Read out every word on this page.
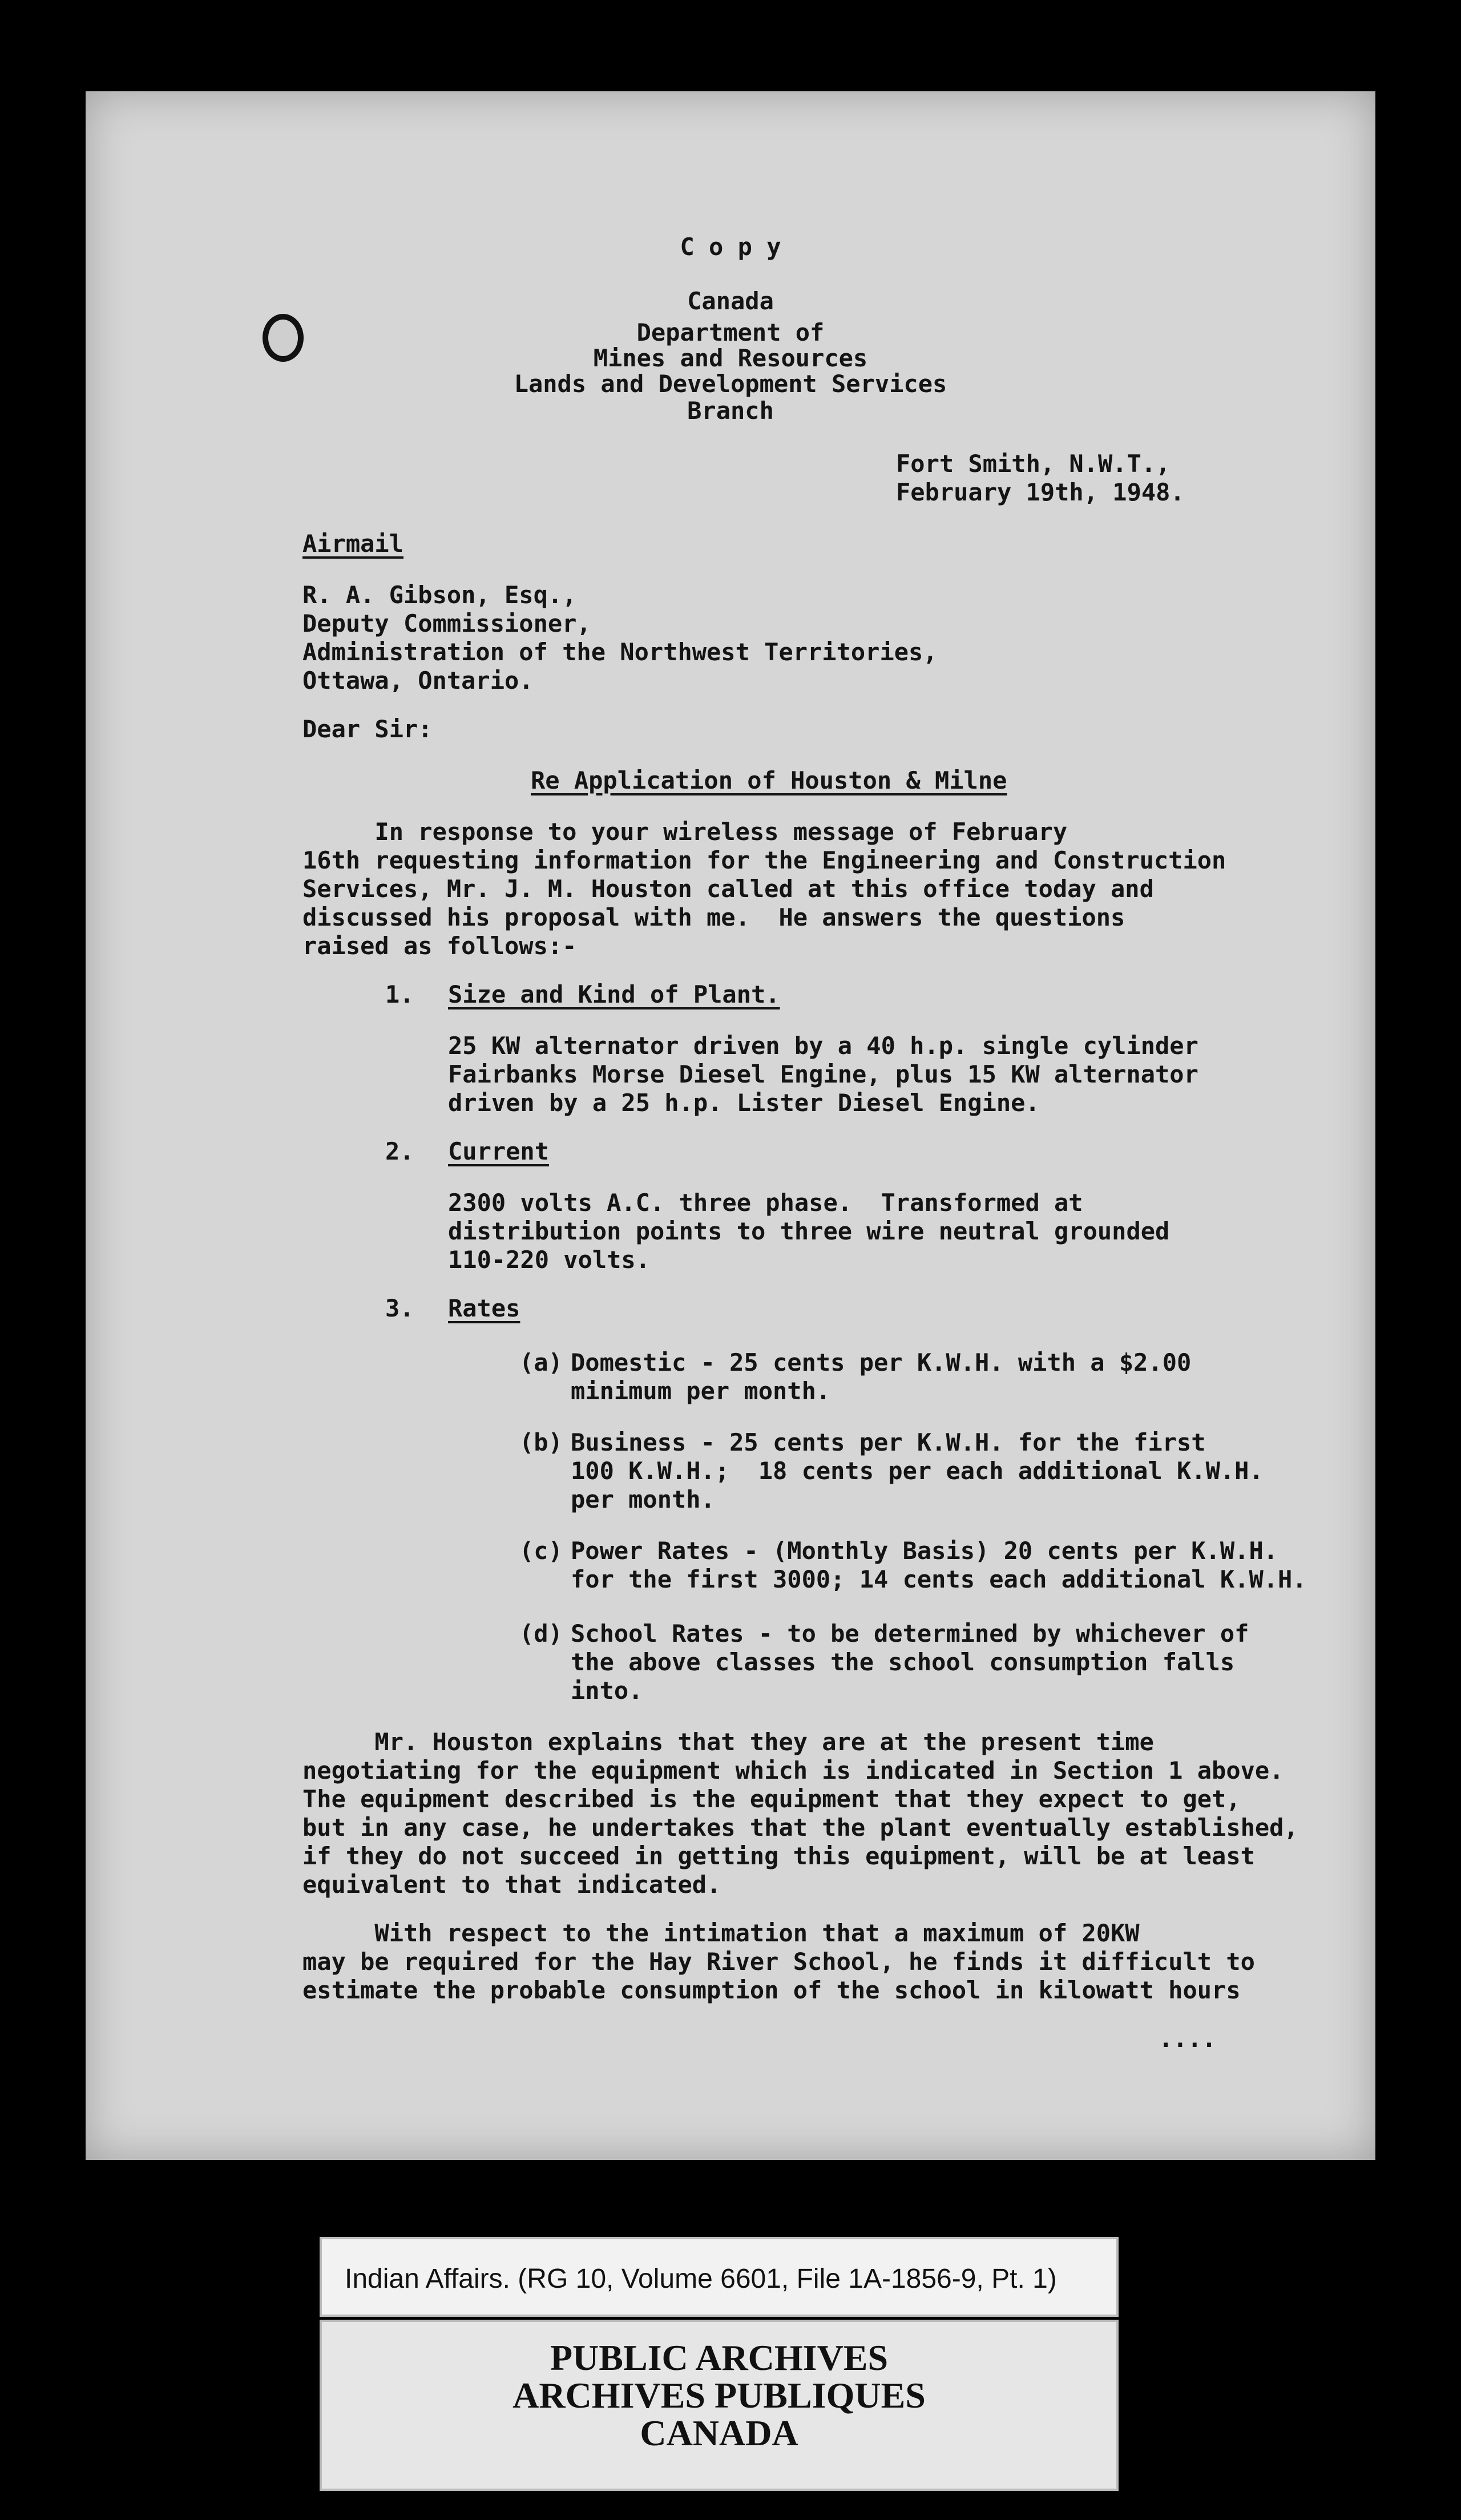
C o p y

Canada

Department of

Mines and Resources

Lands and Development Services

Branch

Fort Smith, N.W.T.,

February 19th, 1948.

Airmail

R. A. Gibson, Esq.,

Deputy Commissioner,

Administration of the Northwest Territories,

Ottawa, Ontario.

Dear Sir:

Re Application of Houston & Milne

In response to your wireless message of February

16th requesting information for the Engineering and Construction

Services, Mr. J. M. Houston called at this office today and

discussed his proposal with me.  He answers the questions

raised as follows:-

1. Size and Kind of Plant.

25 KW alternator driven by a 40 h.p. single cylinder

Fairbanks Morse Diesel Engine, plus 15 KW alternator

driven by a 25 h.p. Lister Diesel Engine.

2. Current

2300 volts A.C. three phase.  Transformed at

distribution points to three wire neutral grounded

110-220 volts.

3. Rates

(a) Domestic - 25 cents per K.W.H. with a $2.00

minimum per month.

(b) Business - 25 cents per K.W.H. for the first

100 K.W.H.;  18 cents per each additional K.W.H.

per month.

(c) Power Rates - (Monthly Basis) 20 cents per K.W.H.

for the first 3000; 14 cents each additional K.W.H.

(d) School Rates - to be determined by whichever of

the above classes the school consumption falls

into.

Mr. Houston explains that they are at the present time

negotiating for the equipment which is indicated in Section 1 above.

The equipment described is the equipment that they expect to get,

but in any case, he undertakes that the plant eventually established,

if they do not succeed in getting this equipment, will be at least

equivalent to that indicated.

With respect to the intimation that a maximum of 20KW

may be required for the Hay River School, he finds it difficult to

estimate the probable consumption of the school in kilowatt hours

....

Indian Affairs. (RG 10, Volume 6601, File 1A-1856-9, Pt. 1)
PUBLIC ARCHIVES
ARCHIVES PUBLIQUES
CANADA
